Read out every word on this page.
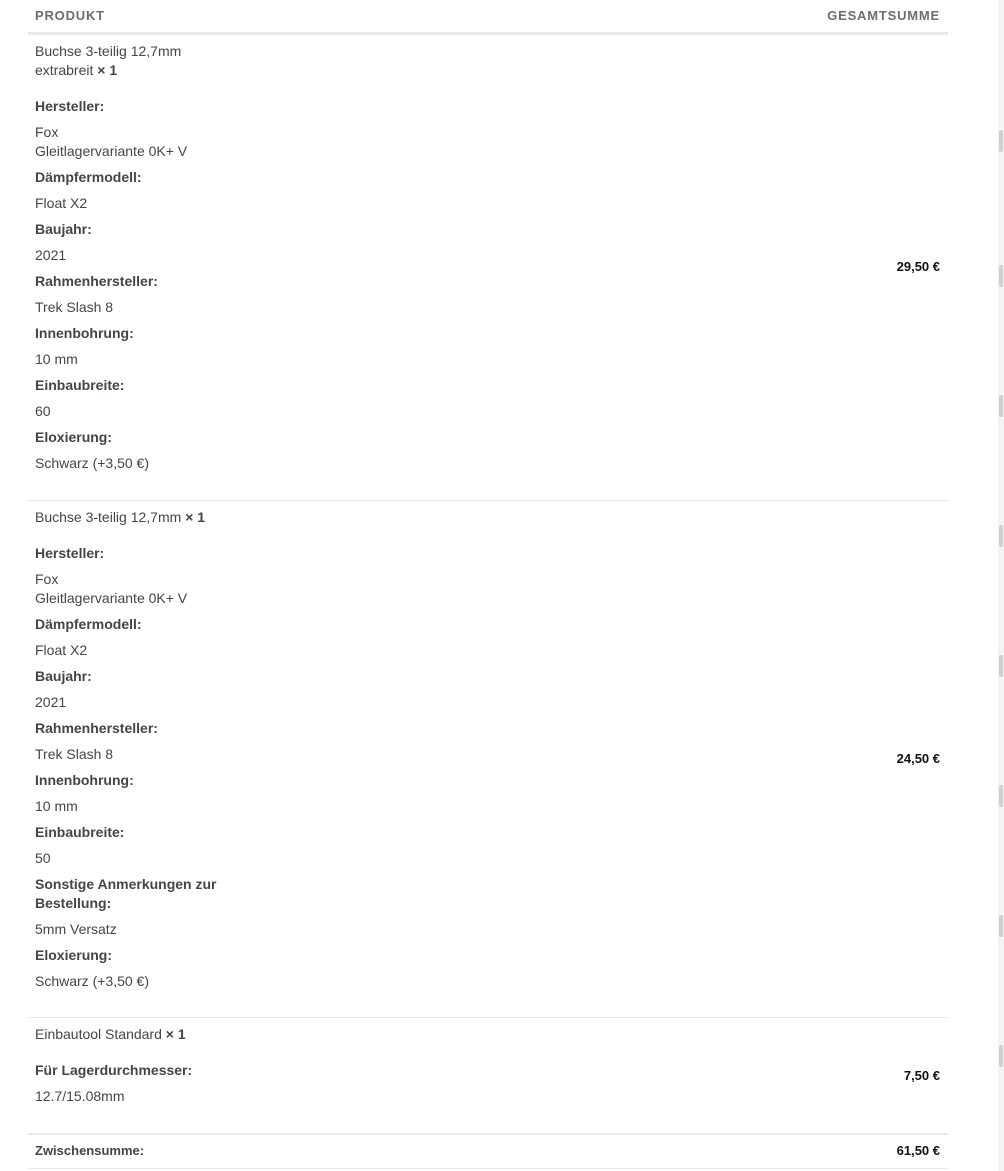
PRODUKT	GESAMTSUMME
Buchse 3-teilig 12,7mm
extrabreit × 1
Hersteller:
Fox
Gleitlagervariante 0K+ V
Dämpfermodell:
Float X2
Baujahr:
2021
Rahmenhersteller:
Trek Slash 8
Innenbohrung:
10 mm
Einbaubreite:
60
Eloxierung:
Schwarz (+3,50 €)
29,50 €
Buchse 3-teilig 12,7mm × 1
Hersteller:
Fox
Gleitlagervariante 0K+ V
Dämpfermodell:
Float X2
Baujahr:
2021
Rahmenhersteller:
Trek Slash 8
Innenbohrung:
10 mm
Einbaubreite:
50
Sonstige Anmerkungen zur Bestellung:
5mm Versatz
Eloxierung:
Schwarz (+3,50 €)
24,50 €
Einbautool Standard × 1
Für Lagerdurchmesser:
12.7/15.08mm
7,50 €
Zwischensumme:	61,50 €
